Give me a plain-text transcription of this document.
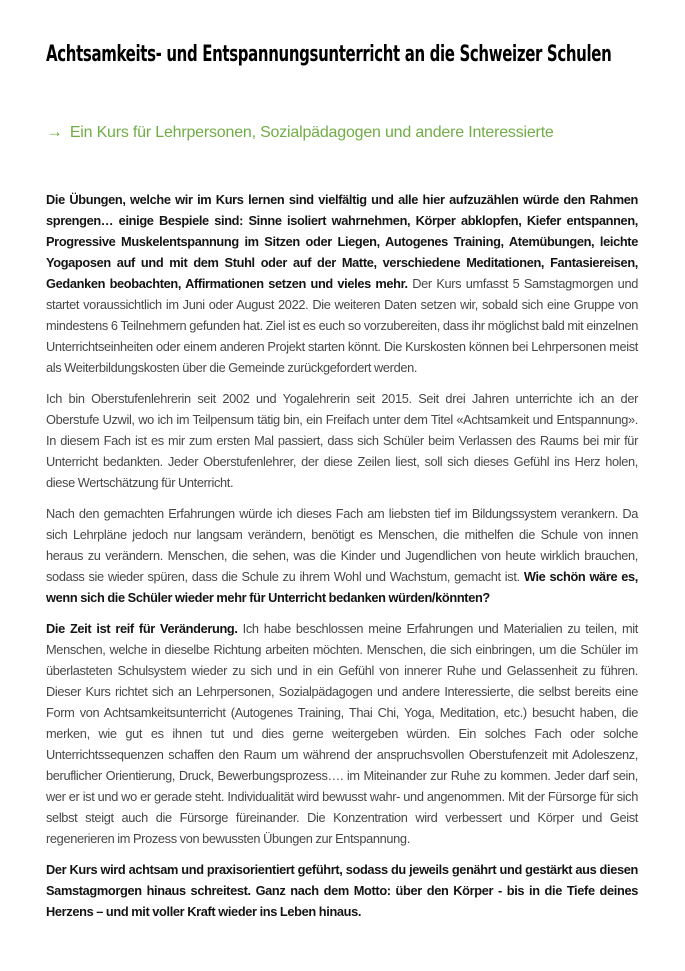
Achtsamkeits- und Entspannungsunterricht an die Schweizer Schulen
→ Ein Kurs für Lehrpersonen, Sozialpädagogen und andere Interessierte

Die Übungen, welche wir im Kurs lernen sind vielfältig und alle hier aufzuzählen würde den Rahmen sprengen… einige Bespiele sind: Sinne isoliert wahrnehmen, Körper abklopfen, Kiefer entspannen, Progressive Muskelentspannung im Sitzen oder Liegen, Autogenes Training, Atemübungen, leichte Yogaposen auf und mit dem Stuhl oder auf der Matte, verschiedene Meditationen, Fantasiereisen, Gedanken beobachten, Affirmationen setzen und vieles mehr. Der Kurs umfasst 5 Samstagmorgen und startet voraussichtlich im Juni oder August 2022. Die weiteren Daten setzen wir, sobald sich eine Gruppe von mindestens 6 Teilnehmern gefunden hat. Ziel ist es euch so vorzubereiten, dass ihr möglichst bald mit einzelnen Unterrichtseinheiten oder einem anderen Projekt starten könnt. Die Kurskosten können bei Lehrpersonen meist als Weiterbildungskosten über die Gemeinde zurückgefordert werden.

Ich bin Oberstufenlehrerin seit 2002 und Yogalehrerin seit 2015. Seit drei Jahren unterrichte ich an der Oberstufe Uzwil, wo ich im Teilpensum tätig bin, ein Freifach unter dem Titel «Achtsamkeit und Entspannung». In diesem Fach ist es mir zum ersten Mal passiert, dass sich Schüler beim Verlassen des Raums bei mir für Unterricht bedankten. Jeder Oberstufenlehrer, der diese Zeilen liest, soll sich dieses Gefühl ins Herz holen, diese Wertschätzung für Unterricht.

Nach den gemachten Erfahrungen würde ich dieses Fach am liebsten tief im Bildungssystem verankern. Da sich Lehrpläne jedoch nur langsam verändern, benötigt es Menschen, die mithelfen die Schule von innen heraus zu verändern. Menschen, die sehen, was die Kinder und Jugendlichen von heute wirklich brauchen, sodass sie wieder spüren, dass die Schule zu ihrem Wohl und Wachstum, gemacht ist. Wie schön wäre es, wenn sich die Schüler wieder mehr für Unterricht bedanken würden/könnten?

Die Zeit ist reif für Veränderung. Ich habe beschlossen meine Erfahrungen und Materialien zu teilen, mit Menschen, welche in dieselbe Richtung arbeiten möchten. Menschen, die sich einbringen, um die Schüler im überlasteten Schulsystem wieder zu sich und in ein Gefühl von innerer Ruhe und Gelassenheit zu führen. Dieser Kurs richtet sich an Lehrpersonen, Sozialpädagogen und andere Interessierte, die selbst bereits eine Form von Achtsamkeitsunterricht (Autogenes Training, Thai Chi, Yoga, Meditation, etc.) besucht haben, die merken, wie gut es ihnen tut und dies gerne weitergeben würden. Ein solches Fach oder solche Unterrichtssequenzen schaffen den Raum um während der anspruchsvollen Oberstufenzeit mit Adoleszenz, beruflicher Orientierung, Druck, Bewerbungsprozess…. im Miteinander zur Ruhe zu kommen. Jeder darf sein, wer er ist und wo er gerade steht. Individualität wird bewusst wahr- und angenommen. Mit der Fürsorge für sich selbst steigt auch die Fürsorge füreinander. Die Konzentration wird verbessert und Körper und Geist regenerieren im Prozess von bewussten Übungen zur Entspannung.

Der Kurs wird achtsam und praxisorientiert geführt, sodass du jeweils genährt und gestärkt aus diesen Samstagmorgen hinaus schreitest. Ganz nach dem Motto: über den Körper - bis in die Tiefe deines Herzens – und mit voller Kraft wieder ins Leben hinaus.
